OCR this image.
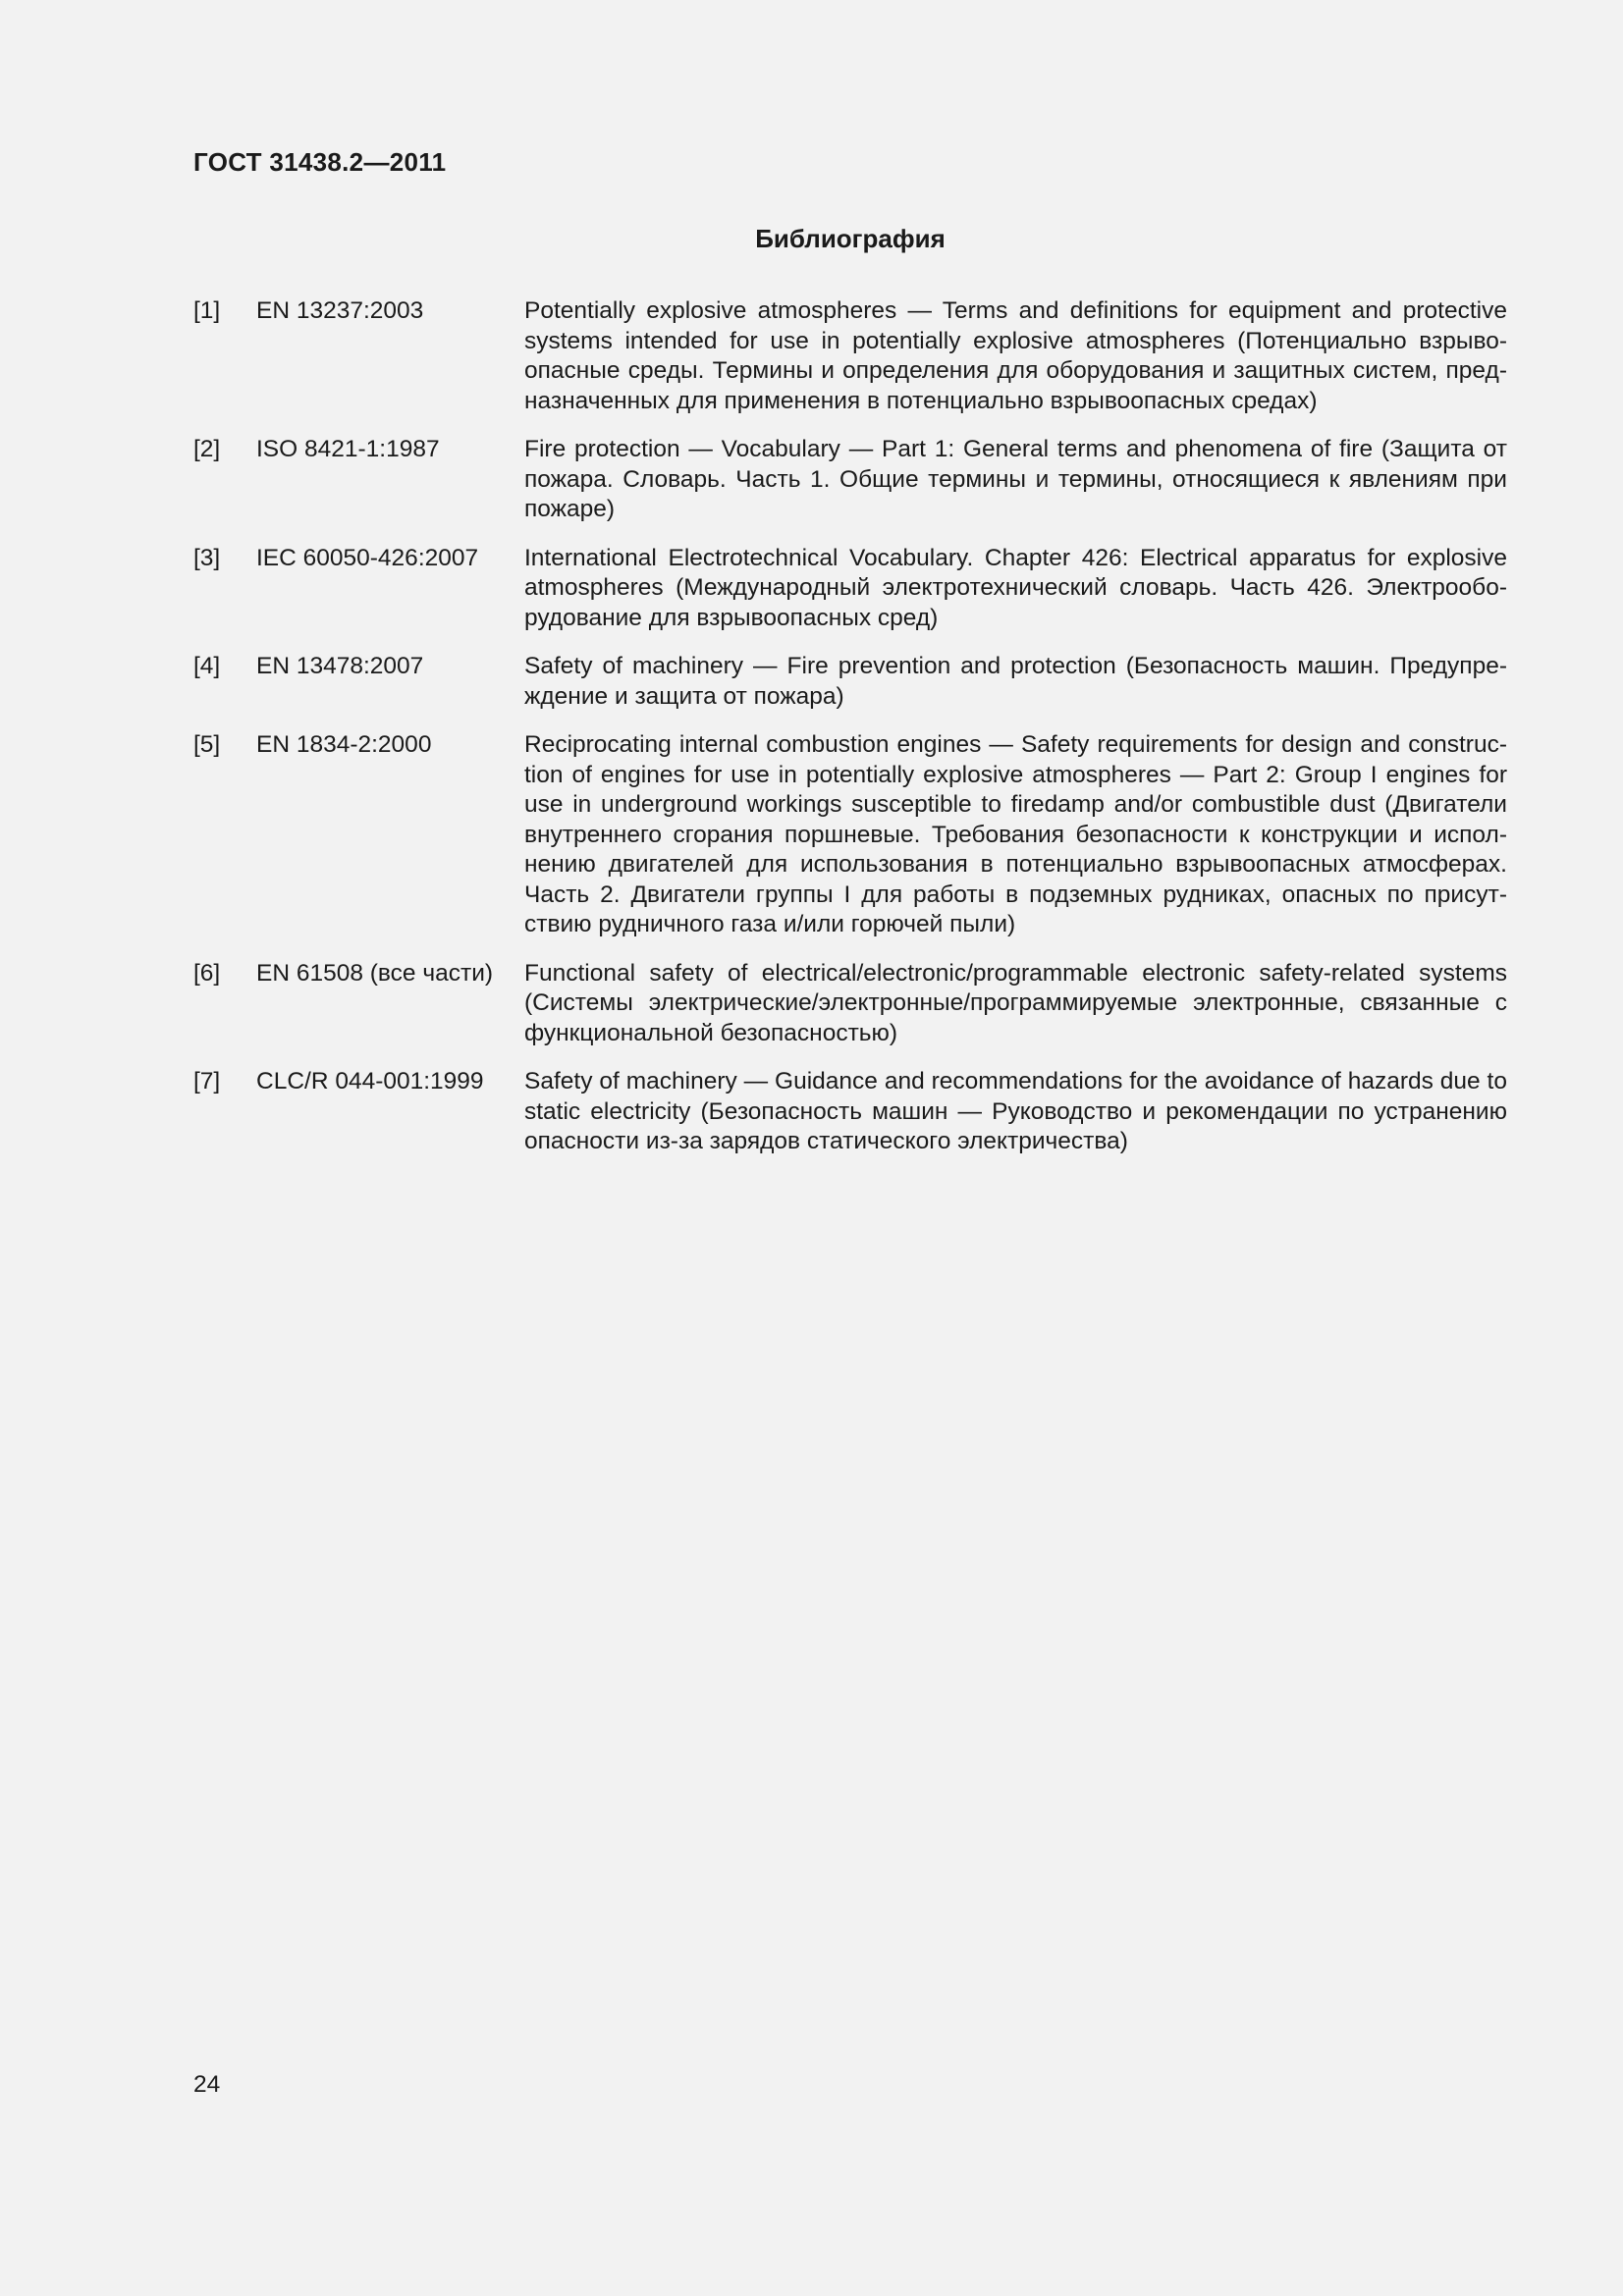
ГОСТ 31438.2—2011
Библиография
[1]	EN 13237:2003	Potentially explosive atmospheres — Terms and definitions for equipment and protective systems intended for use in potentially explosive atmospheres (Потенциально взрывоопасные среды. Термины и определения для оборудования и защитных систем, предназначенных для применения в потенциально взрывоопасных средах)
[2]	ISO 8421-1:1987	Fire protection — Vocabulary — Part 1: General terms and phenomena of fire (Защита от пожара. Словарь. Часть 1. Общие термины и термины, относящиеся к явлениям при пожаре)
[3]	IEC 60050-426:2007	International Electrotechnical Vocabulary. Chapter 426: Electrical apparatus for explosive atmospheres (Международный электротехнический словарь. Часть 426. Электрооборудование для взрывоопасных сред)
[4]	EN 13478:2007	Safety of machinery — Fire prevention and protection (Безопасность машин. Предупреждение и защита от пожара)
[5]	EN 1834-2:2000	Reciprocating internal combustion engines — Safety requirements for design and construction of engines for use in potentially explosive atmospheres — Part 2: Group I engines for use in underground workings susceptible to firedamp and/or combustible dust (Двигатели внутреннего сгорания поршневые. Требования безопасности к конструкции и исполнению двигателей для использования в потенциально взрывоопасных атмосферах. Часть 2. Двигатели группы I для работы в подземных рудниках, опасных по присутствию рудничного газа и/или горючей пыли)
[6]	EN 61508 (все части)	Functional safety of electrical/electronic/programmable electronic safety-related systems (Системы электрические/электронные/программируемые электронные, связанные с функциональной безопасностью)
[7]	CLC/R 044-001:1999	Safety of machinery — Guidance and recommendations for the avoidance of hazards due to static electricity (Безопасность машин — Руководство и рекомендации по устранению опасности из-за зарядов статического электричества)
24
